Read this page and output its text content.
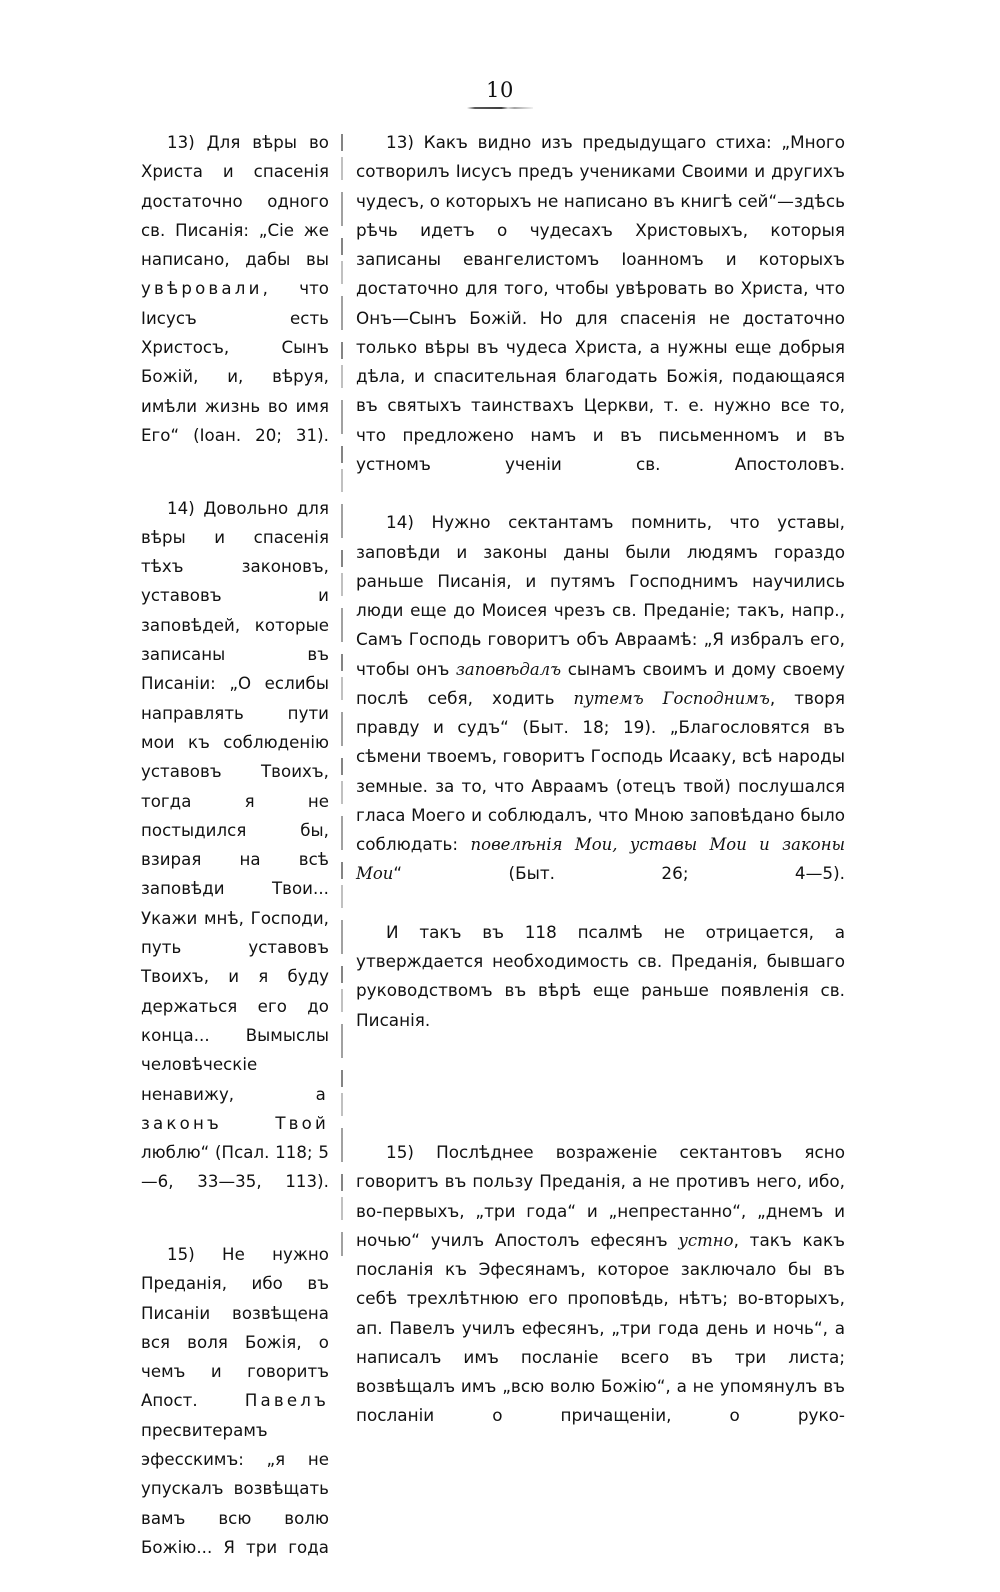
10

13) Для вѣры во Христа и спасенія достаточно одного св. Писанія: „Сіе же написано, дабы вы увѣровали, что Іисусъ есть Христосъ, Сынъ Божій, и, вѣруя, имѣли жизнь во имя Его“ (Іоан. 20; 31).

14) Довольно для вѣры и спасенія тѣхъ законовъ, уставовъ и заповѣдей, которые записаны въ Писаніи: „О еслибы направлять пути мои къ соблюденію уставовъ Твоихъ, тогда я не постыдился бы, взирая на всѣ заповѣди Твои... Укажи мнѣ, Господи, путь уставовъ Твоихъ, и я буду держаться его до конца... Вымыслы человѣческіе ненавижу, а законъ Твой люблю“ (Псал. 118; 5—6, 33—35, 113).

15) Не нужно Преданія, ибо въ Писаніи возвѣщена вся воля Божія, о чемъ и говоритъ Апост. Павелъ пресвитерамъ эфесскимъ: „я не упускалъ возвѣщать вамъ всю волю Божію... Я три года

13) Какъ видно изъ предыдущаго стиха: „Много сотворилъ Іисусъ предъ учениками Своими и другихъ чудесъ, о которыхъ не написано въ книгѣ сей“—здѣсь рѣчь идетъ о чудесахъ Христовыхъ, которыя записаны евангелистомъ Іоанномъ и которыхъ достаточно для того, чтобы увѣровать во Христа, что Онъ—Сынъ Божій. Но для спасенія не достаточно только вѣры въ чудеса Христа, а нужны еще добрыя дѣла, и спасительная благодать Божія, подающаяся въ святыхъ таинствахъ Церкви, т. е. нужно все то, что предложено намъ и въ письменномъ и въ устномъ ученіи св. Апостоловъ.

14) Нужно сектантамъ помнить, что уставы, заповѣди и законы даны были людямъ гораздо раньше Писанія, и путямъ Господнимъ научились люди еще до Моисея чрезъ св. Преданіе; такъ, напр., Самъ Господь говоритъ объ Авраамѣ: „Я избралъ его, чтобы онъ заповѣдалъ сынамъ своимъ и дому своему послѣ себя, ходить путемъ Господнимъ, творя правду и судъ“ (Быт. 18; 19). „Благословятся въ сѣмени твоемъ, говоритъ Господь Исааку, всѣ народы земные. за то, что Авраамъ (отецъ твой) послушался гласа Моего и соблюдалъ, что Мною заповѣдано было соблюдать: повелѣнія Мои, уставы Мои и законы Мои“ (Быт. 26; 4—5).

И такъ въ 118 псалмѣ не отрицается, а утверждается необходимость св. Преданія, бывшаго руководствомъ въ вѣрѣ еще раньше появленія св. Писанія.

15) Послѣднее возраженіе сектантовъ ясно говоритъ въ пользу Преданія, а не противъ него, ибо, во-первыхъ, „три года“ и „непрестанно“, „днемъ и ночью“ училъ Апостолъ ефесянъ устно, такъ какъ посланія къ Эфесянамъ, которое заключало бы въ себѣ трехлѣтнюю его проповѣдь, нѣтъ; во-вторыхъ, ап. Павелъ училъ ефесянъ, „три года день и ночь“, а написалъ имъ посланіе всего въ три листа; возвѣщалъ имъ „всю волю Божію“, а не упомянулъ въ посланіи о причащеніи, о руко-
